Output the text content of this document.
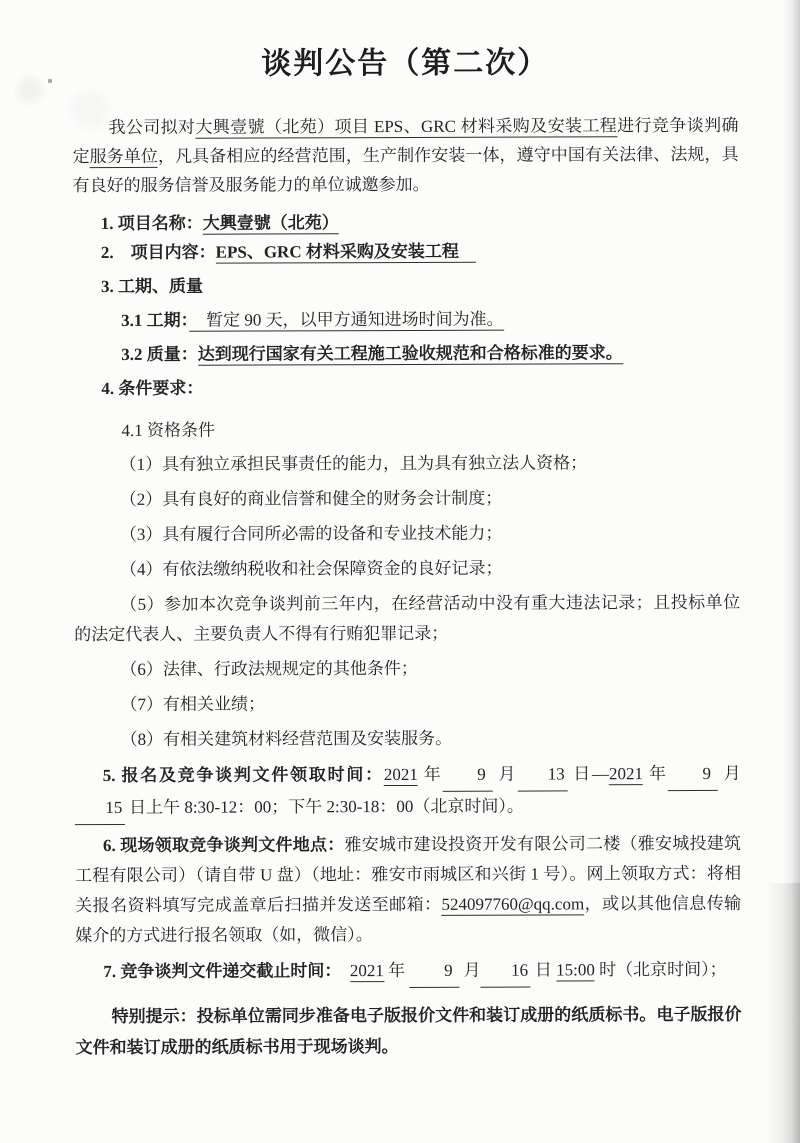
谈判公告（第二次）

我公司拟对大興壹號（北苑）项目 EPS、GRC 材料采购及安装工程进行竞争谈判确定服务单位，凡具备相应的经营范围，生产制作安装一体，遵守中国有关法律、法规，具有良好的服务信誉及服务能力的单位诚邀参加。

1. 项目名称：大興壹號（北苑）

2.　项目内容：EPS、GRC 材料采购及安装工程　

3. 工期、质量

3.1 工期：　暂定 90 天，以甲方通知进场时间为准。

3.2 质量：达到现行国家有关工程施工验收规范和合格标准的要求。

4. 条件要求：

4.1 资格条件

（1）具有独立承担民事责任的能力，且为具有独立法人资格；

（2）具有良好的商业信誉和健全的财务会计制度；

（3）具有履行合同所必需的设备和专业技术能力；

（4）有依法缴纳税收和社会保障资金的良好记录；

（5）参加本次竞争谈判前三年内，在经营活动中没有重大违法记录；且投标单位的法定代表人、主要负责人不得有行贿犯罪记录；

（6）法律、行政法规规定的其他条件；

（7）有相关业绩；

（8）有相关建筑材料经营范围及安装服务。

5. 报名及竞争谈判文件领取时间：2021 年 9 月 13 日—2021 年 9 月15 日上午 8:30-12：00；下午 2:30-18：00（北京时间）。

6. 现场领取竞争谈判文件地点：雅安城市建设投资开发有限公司二楼（雅安城投建筑工程有限公司）（请自带 U 盘）（地址：雅安市雨城区和兴街 1 号）。网上领取方式：将相关报名资料填写完成盖章后扫描并发送至邮箱：524097760@qq.com，或以其他信息传输媒介的方式进行报名领取（如，微信）。

7. 竞争谈判文件递交截止时间：　 2021 年 9 月 16 日 15:00 时（北京时间）；

特别提示：投标单位需同步准备电子版报价文件和装订成册的纸质标书。电子版报价文件和装订成册的纸质标书用于现场谈判。
